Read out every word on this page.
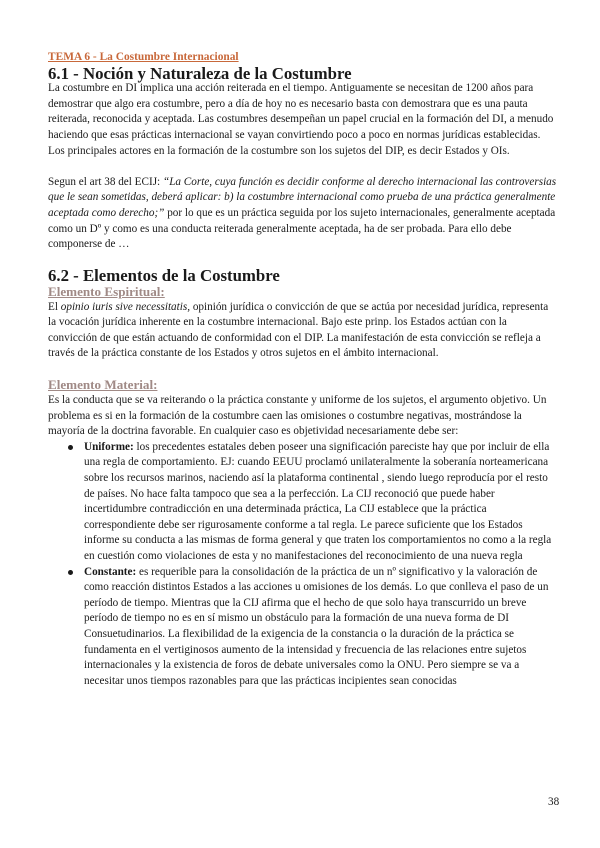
TEMA 6 - La Costumbre Internacional
6.1 - Noción y Naturaleza de la Costumbre

La costumbre en DI implica una acción reiterada en el tiempo. Antiguamente se necesitan de 1200 años para demostrar que algo era costumbre, pero a día de hoy no es necesario basta con demostrara que es una pauta reiterada, reconocida y aceptada. Las costumbres desempeñan un papel crucial en la formación del DI, a menudo haciendo que esas prácticas internacional se vayan convirtiendo poco a poco en normas jurídicas establecidas. Los principales actores en la formación de la costumbre son los sujetos del DIP, es decir Estados y OIs.

Segun el art 38 del ECIJ: “La Corte, cuya función es decidir conforme al derecho internacional las controversias que le sean sometidas, deberá aplicar: b) la costumbre internacional como prueba de una práctica generalmente aceptada como derecho;” por lo que es un práctica seguida por los sujeto internacionales, generalmente aceptada como un Dº y como es una conducta reiterada generalmente aceptada, ha de ser probada. Para ello debe componerse de …

6.2 - Elementos de la Costumbre
Elemento Espiritual:

El opinio iuris sive necessitatis, opinión jurídica o convicción de que se actúa por necesidad jurídica, representa la vocación jurídica inherente en la costumbre internacional. Bajo este prinp. los Estados actúan con la convicción de que están actuando de conformidad con el DIP. La manifestación de esta convicción se refleja a través de la práctica constante de los Estados y otros sujetos en el ámbito internacional.

Elemento Material:

Es la conducta que se va reiterando o la práctica constante y uniforme de los sujetos, el argumento objetivo. Un problema es si en la formación de la costumbre caen las omisiones o costumbre negativas, mostrándose la mayoría de la doctrina favorable. En cualquier caso es objetividad necesariamente debe ser:

Uniforme: los precedentes estatales deben poseer una significación pareciste hay que por incluir de ella una regla de comportamiento. EJ: cuando EEUU proclamó unilateralmente la soberanía norteamericana sobre los recursos marinos, naciendo así la plataforma continental , siendo luego reproducía por el resto de países. No hace falta tampoco que sea a la perfección. La CIJ reconoció que puede haber incertidumbre contradicción en una determinada práctica, La CIJ establece que la práctica correspondiente debe ser rigurosamente conforme a tal regla. Le parece suficiente que los Estados informe su conducta a las mismas de forma general y que traten los comportamientos no como a la regla en cuestión como violaciones de esta y no manifestaciones del reconocimiento de una nueva regla
Constante: es requerible para la consolidación de la práctica de un nº significativo y la valoración de como reacción distintos Estados a las acciones u omisiones de los demás. Lo que conlleva el paso de un período de tiempo. Mientras que la CIJ afirma que el hecho de que solo haya transcurrido un breve período de tiempo no es en sí mismo un obstáculo para la formación de una nueva forma de DI Consuetudinarios. La flexibilidad de la exigencia de la constancia o la duración de la práctica se fundamenta en el vertiginosos aumento de la intensidad y frecuencia de las relaciones entre sujetos internacionales y la existencia de foros de debate universales como la ONU. Pero siempre se va a necesitar unos tiempos razonables para que las prácticas incipientes sean conocidas
38
